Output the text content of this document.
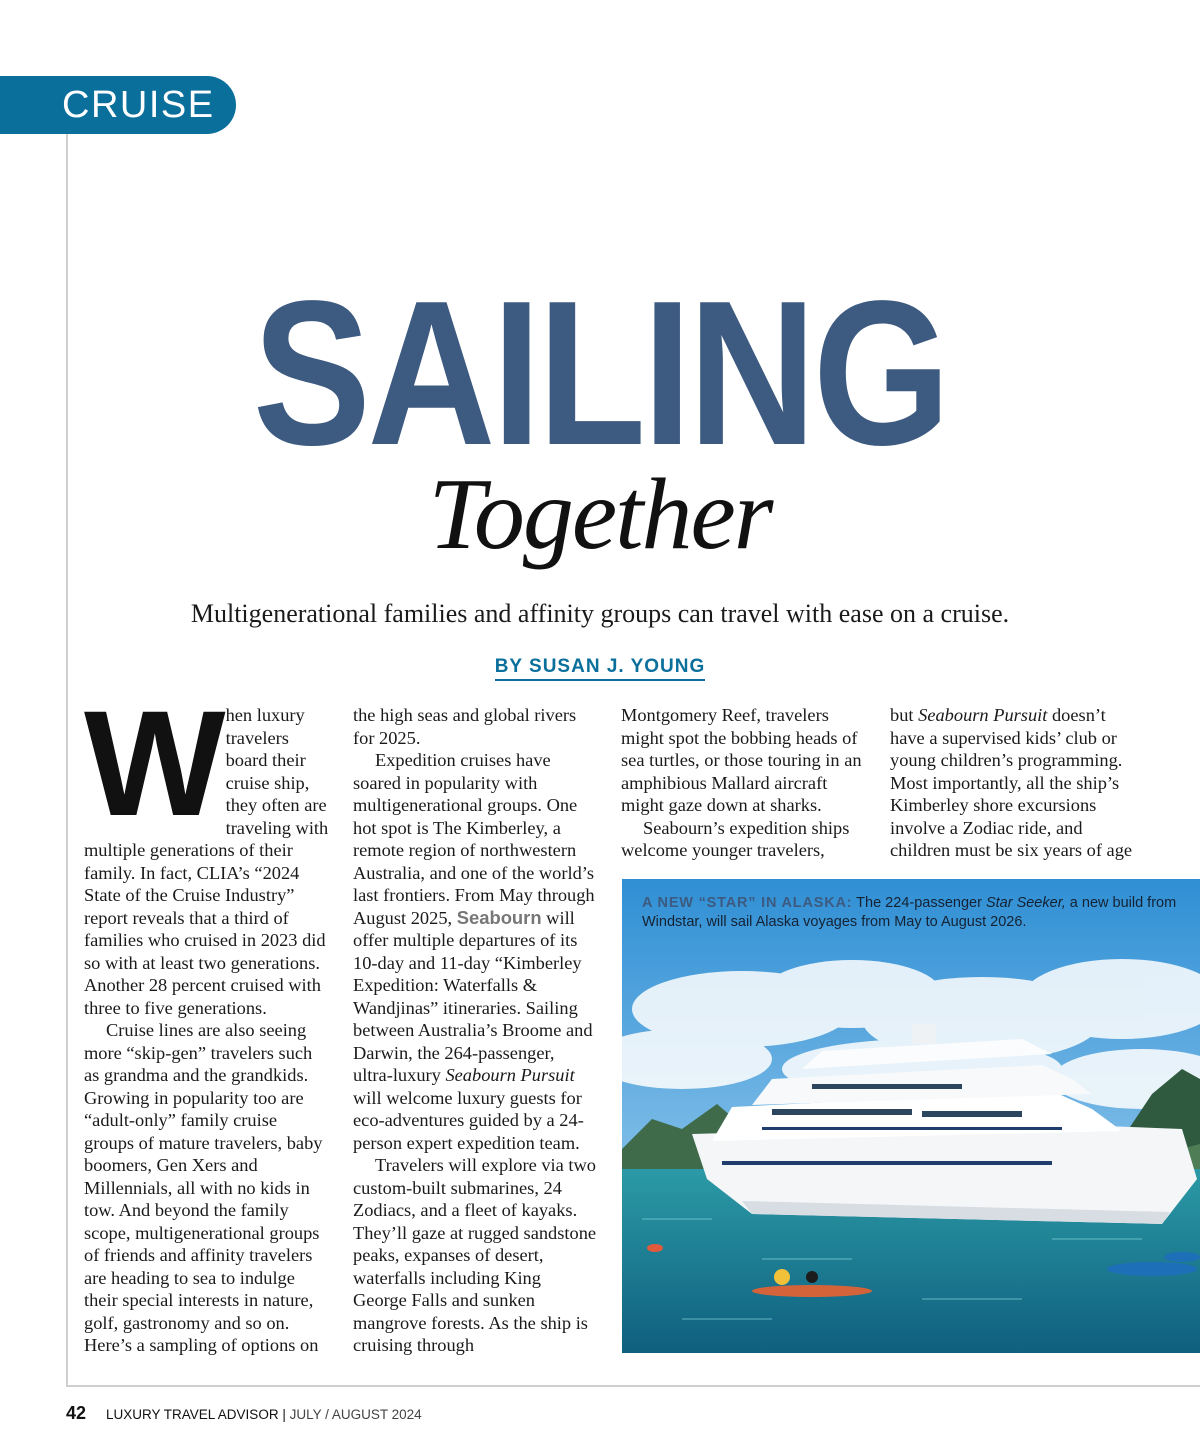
CRUISE
SAILING
Together
Multigenerational families and affinity groups can travel with ease on a cruise.
BY SUSAN J. YOUNG
W hen luxury travelers board their cruise ship, they often are traveling with multiple generations of their family. In fact, CLIA’s “2024 State of the Cruise Industry” report reveals that a third of families who cruised in 2023 did so with at least two generations. Another 28 percent cruised with three to five generations.

Cruise lines are also seeing more “skip-gen” travelers such as grandma and the grandkids. Growing in popularity too are “adult-only” family cruise groups of mature travelers, baby boomers, Gen Xers and Millennials, all with no kids in tow. And beyond the family scope, multigenerational groups of friends and affinity travelers are heading to sea to indulge their special interests in nature, golf, gastronomy and so on. Here’s a sampling of options on

the high seas and global rivers for 2025.

Expedition cruises have soared in popularity with multigenerational groups. One hot spot is The Kimberley, a remote region of northwestern Australia, and one of the world’s last frontiers. From May through August 2025, Seabourn will offer multiple departures of its 10-day and 11-day “Kimberley Expedition: Waterfalls & Wandjinas” itineraries. Sailing between Australia’s Broome and Darwin, the 264-passenger, ultra-luxury Seabourn Pursuit will welcome luxury guests for eco-adventures guided by a 24-person expert expedition team.

Travelers will explore via two custom-built submarines, 24 Zodiacs, and a fleet of kayaks. They’ll gaze at rugged sandstone peaks, expanses of desert, waterfalls including King George Falls and sunken mangrove forests. As the ship is cruising through

Montgomery Reef, travelers might spot the bobbing heads of sea turtles, or those touring in an amphibious Mallard aircraft might gaze down at sharks.

Seabourn’s expedition ships welcome younger travelers,

but Seabourn Pursuit doesn’t have a supervised kids’ club or young children’s programming. Most importantly, all the ship’s Kimberley shore excursions involve a Zodiac ride, and children must be six years of age

A NEW “STAR” IN ALASKA: The 224-passenger Star Seeker, a new build from Windstar, will sail Alaska voyages from May to August 2026.
42 LUXURY TRAVEL ADVISOR | JULY / AUGUST 2024
